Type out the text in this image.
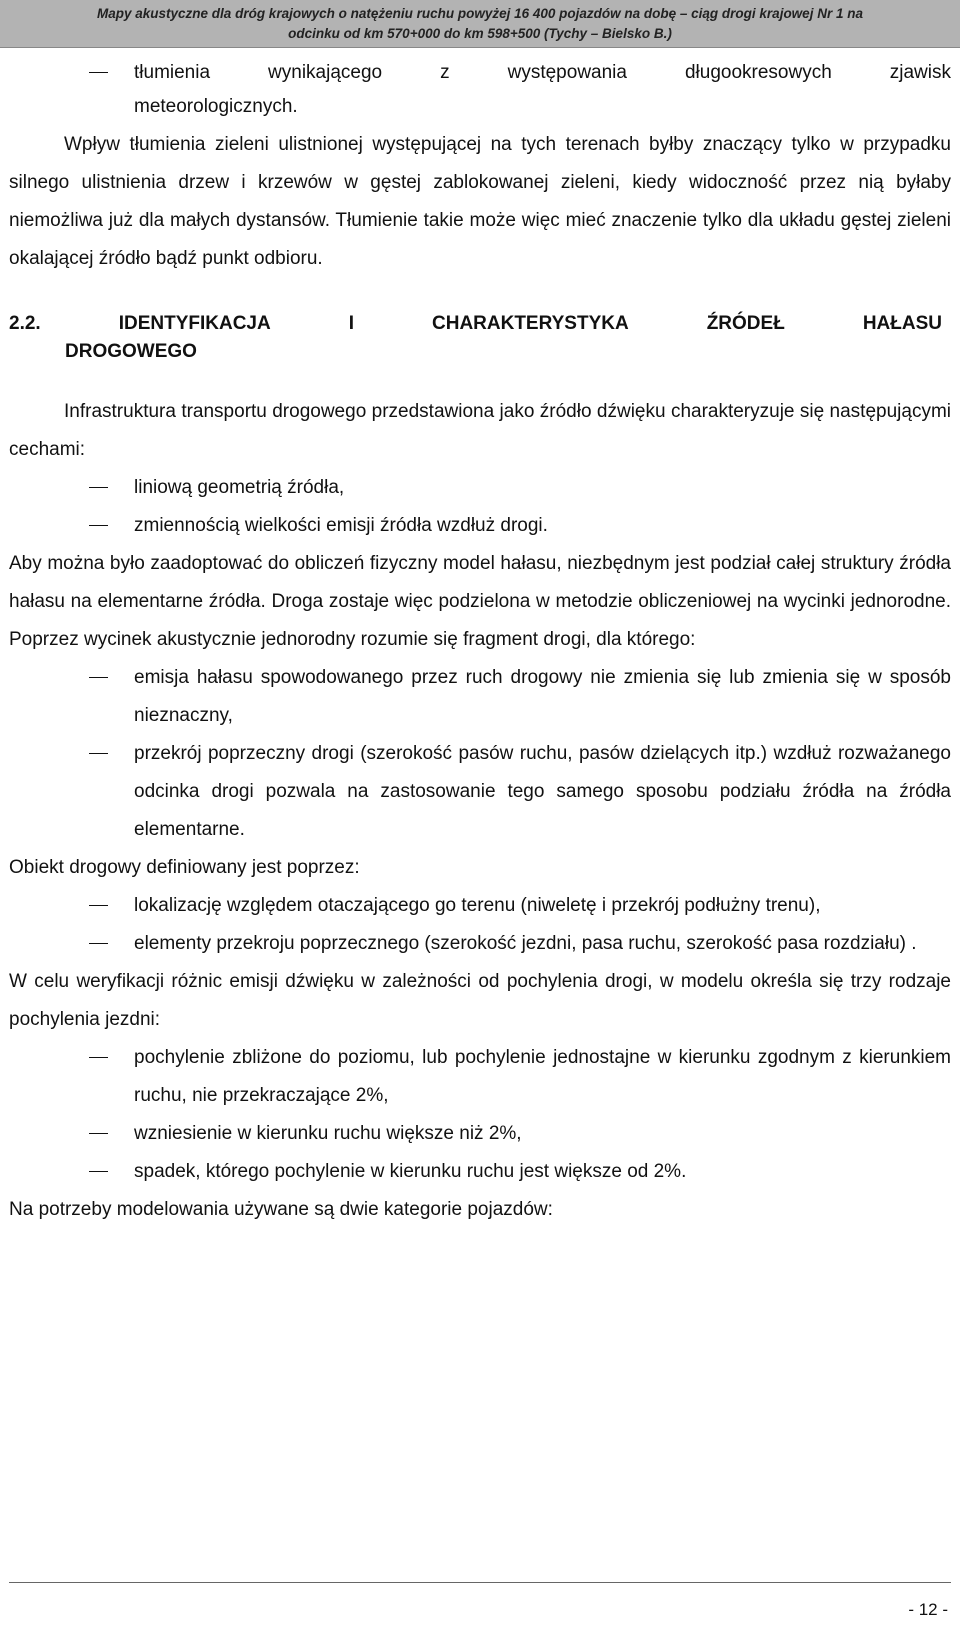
Mapy akustyczne dla dróg krajowych o natężeniu ruchu powyżej 16 400 pojazdów na dobę – ciąg drogi krajowej Nr 1 na
odcinku od km 570+000 do km 598+500 (Tychy – Bielsko B.)
tłumienia wynikającego z występowania długookresowych zjawisk
meteorologicznych.

Wpływ tłumienia zieleni ulistnionej występującej na tych terenach byłby znaczący tylko w przypadku silnego ulistnienia drzew i krzewów w gęstej zablokowanej zieleni, kiedy widoczność przez nią byłaby niemożliwa już dla małych dystansów. Tłumienie takie może więc mieć znaczenie tylko dla układu gęstej zieleni okalającej źródło bądź punkt odbioru.

2.2.	IDENTYFIKACJA	I	CHARAKTERYSTYKA	ŹRÓDEŁ	HAŁASU
DROGOWEGO

Infrastruktura transportu drogowego przedstawiona jako źródło dźwięku charakteryzuje się następującymi cechami:

liniową geometrią źródła,
zmiennością wielkości emisji źródła wzdłuż drogi.

Aby można było zaadoptować do obliczeń fizyczny model hałasu, niezbędnym jest podział całej struktury źródła hałasu na elementarne źródła. Droga zostaje więc podzielona w metodzie obliczeniowej na wycinki jednorodne. Poprzez wycinek akustycznie jednorodny rozumie się fragment drogi, dla którego:

emisja hałasu spowodowanego przez ruch drogowy nie zmienia się lub zmienia się w sposób nieznaczny,
przekrój poprzeczny drogi (szerokość pasów ruchu, pasów dzielących itp.) wzdłuż rozważanego odcinka drogi pozwala na zastosowanie tego samego sposobu podziału źródła na źródła elementarne.

Obiekt drogowy definiowany jest poprzez:

lokalizację względem otaczającego go terenu (niweletę i przekrój podłużny trenu),
elementy przekroju poprzecznego (szerokość jezdni, pasa ruchu, szerokość pasa rozdziału) .

W celu weryfikacji różnic emisji dźwięku w zależności od pochylenia drogi, w modelu określa się trzy rodzaje pochylenia jezdni:

pochylenie zbliżone do poziomu, lub pochylenie jednostajne w kierunku zgodnym z kierunkiem ruchu, nie przekraczające 2%,
wzniesienie w kierunku ruchu większe niż 2%,
spadek, którego pochylenie w kierunku ruchu jest większe od 2%.

Na potrzeby modelowania używane są dwie kategorie pojazdów:

- 12 -
